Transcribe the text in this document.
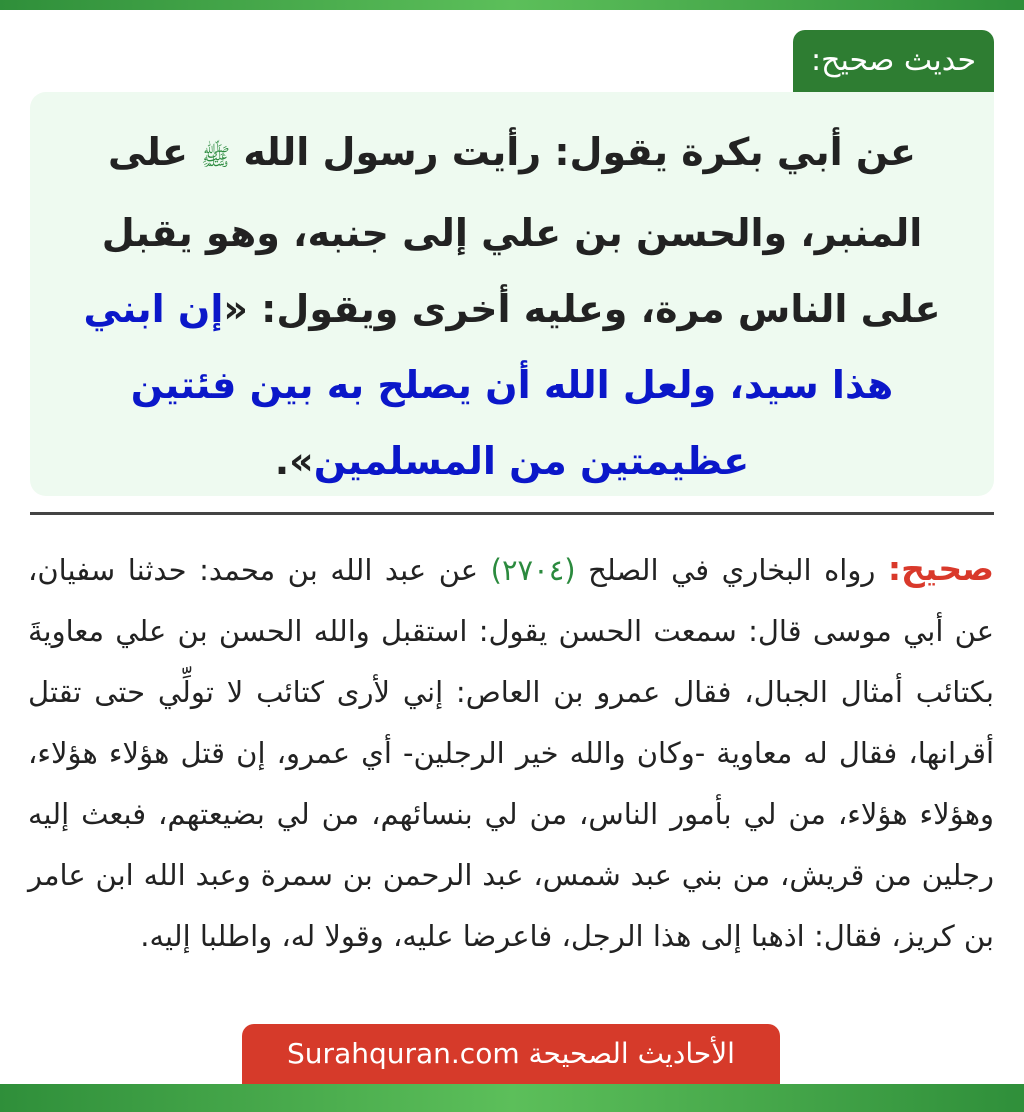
حديث صحيح:
عن أبي بكرة يقول: رأيت رسول الله ﷺ على المنبر، والحسن بن علي إلى جنبه، وهو يقبل على الناس مرة، وعليه أخرى ويقول: «إن ابني هذا سيد، ولعل الله أن يصلح به بين فئتين عظيمتين من المسلمين».
صحيح: رواه البخاري في الصلح (٢٧٠٤) عن عبد الله بن محمد: حدثنا سفيان، عن أبي موسى قال: سمعت الحسن يقول: استقبل والله الحسن بن علي معاويةَ بكتائب أمثال الجبال، فقال عمرو بن العاص: إني لأرى كتائب لا تولِّي حتى تقتل أقرانها، فقال له معاوية -وكان والله خير الرجلين- أي عمرو، إن قتل هؤلاء هؤلاء، وهؤلاء هؤلاء، من لي بأمور الناس، من لي بنسائهم، من لي بضيعتهم، فبعث إليه رجلين من قريش، من بني عبد شمس، عبد الرحمن بن سمرة وعبد الله ابن عامر بن كريز، فقال: اذهبا إلى هذا الرجل، فاعرضا عليه، وقولا له، واطلبا إليه.
الأحاديث الصحيحة Surahquran.com
